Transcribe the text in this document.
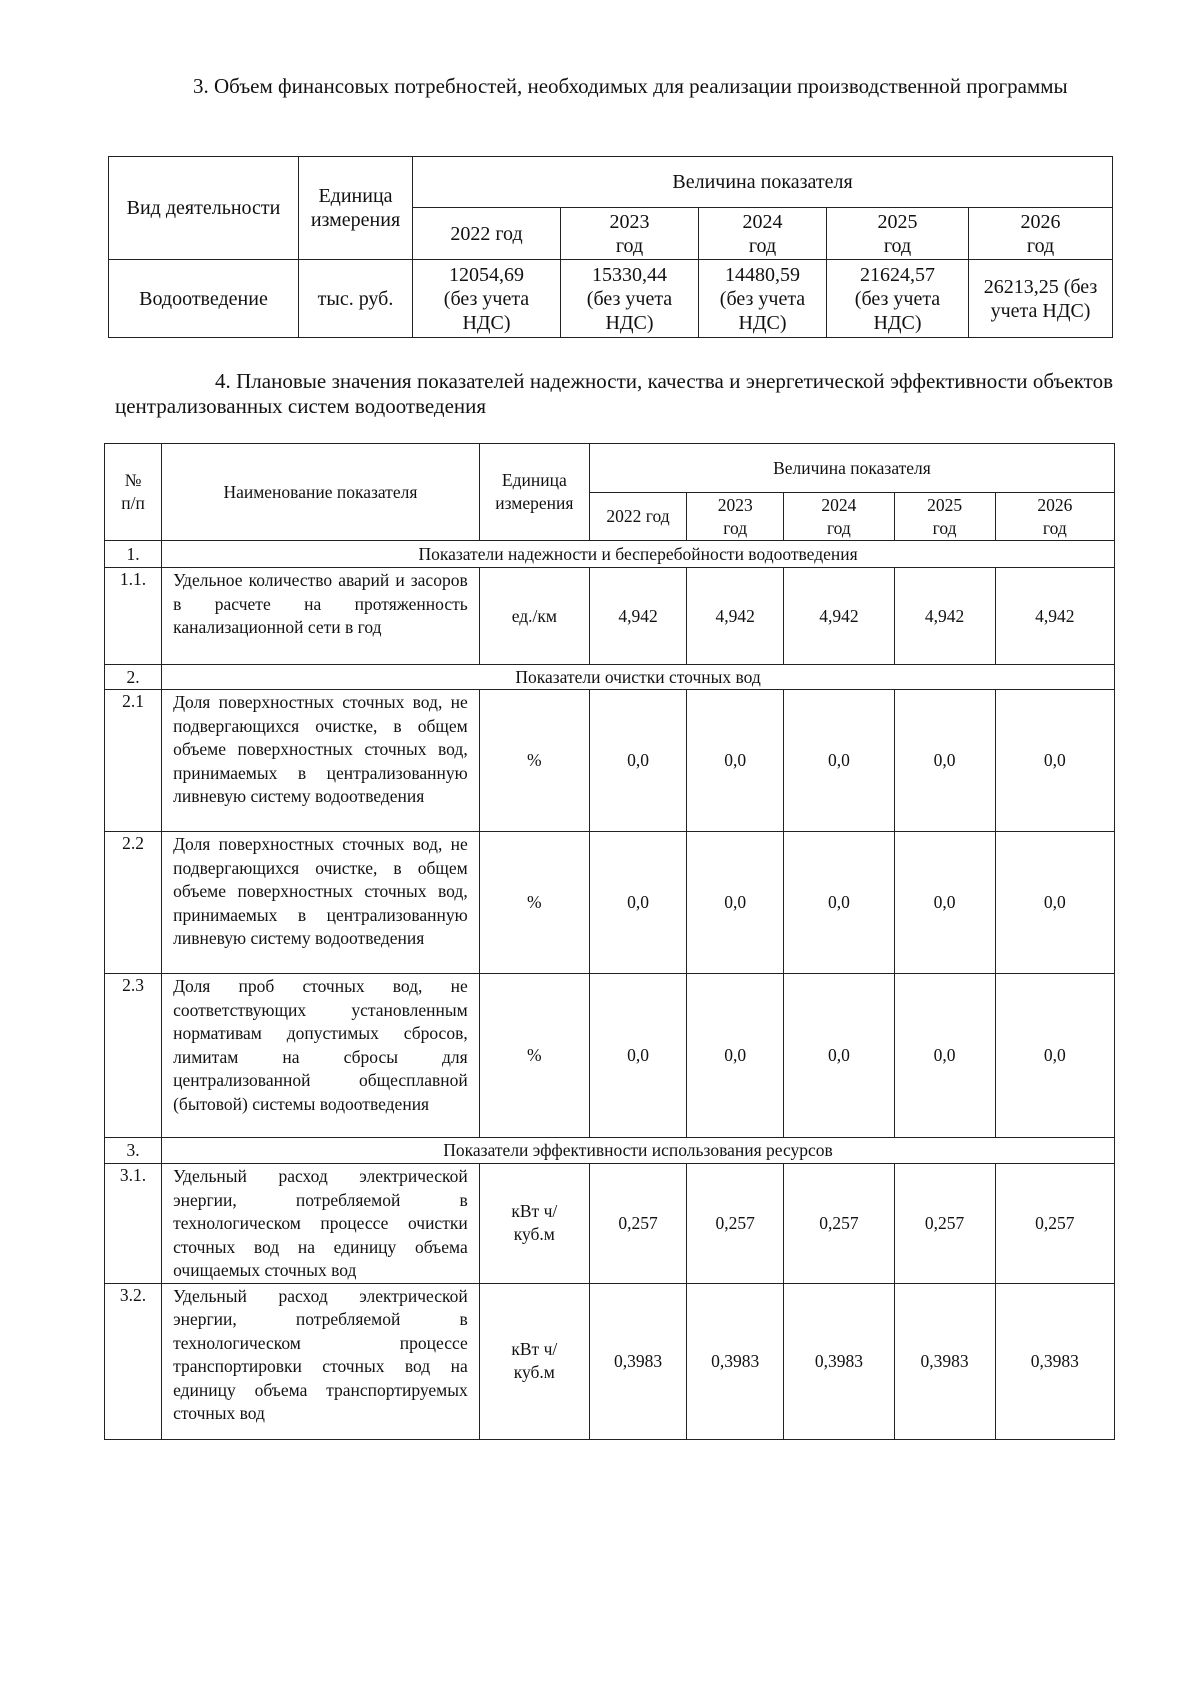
3. Объем финансовых потребностей, необходимых для реализации производственной программы
Вид деятельности	Единица измерения	Величина показателя				
		2022 год	2023 год	2024 год	2025 год	2026 год
Водоотведение	тыс. руб.	12054,69 (без учета НДС)	15330,44 (без учета НДС)	14480,59 (без учета НДС)	21624,57 (без учета НДС)	26213,25 (без учета НДС)
4. Плановые значения показателей надежности, качества и энергетической эффективности объектов централизованных систем водоотведения
№ п/п	Наименование показателя	Единица измерения	Величина показателя				
			2022 год	2023 год	2024 год	2025 год	2026 год
1.	Показатели надежности и бесперебойности водоотведения						
1.1.	Удельное количество аварий и засоров в расчете на протяженность канализационной сети в год	ед./км	4,942	4,942	4,942	4,942	4,942
2.	Показатели очистки сточных вод						
2.1	Доля поверхностных сточных вод, не подвергающихся очистке, в общем объеме поверхностных сточных вод, принимаемых в централизованную ливневую систему водоотведения	%	0,0	0,0	0,0	0,0	0,0
2.2	Доля поверхностных сточных вод, не подвергающихся очистке, в общем объеме поверхностных сточных вод, принимаемых в централизованную ливневую систему водоотведения	%	0,0	0,0	0,0	0,0	0,0
2.3	Доля проб сточных вод, не соответствующих установленным нормативам допустимых сбросов, лимитам на сбросы для централизованной общесплавной (бытовой) системы водоотведения	%	0,0	0,0	0,0	0,0	0,0
3.	Показатели эффективности использования ресурсов						
3.1.	Удельный расход электрической энергии, потребляемой в технологическом процессе очистки сточных вод на единицу объема очищаемых сточных вод	кВт ч/ куб.м	0,257	0,257	0,257	0,257	0,257
3.2.	Удельный расход электрической энергии, потребляемой в технологическом процессе транспортировки сточных вод на единицу объема транспортируемых сточных вод	кВт ч/ куб.м	0,3983	0,3983	0,3983	0,3983	0,3983
